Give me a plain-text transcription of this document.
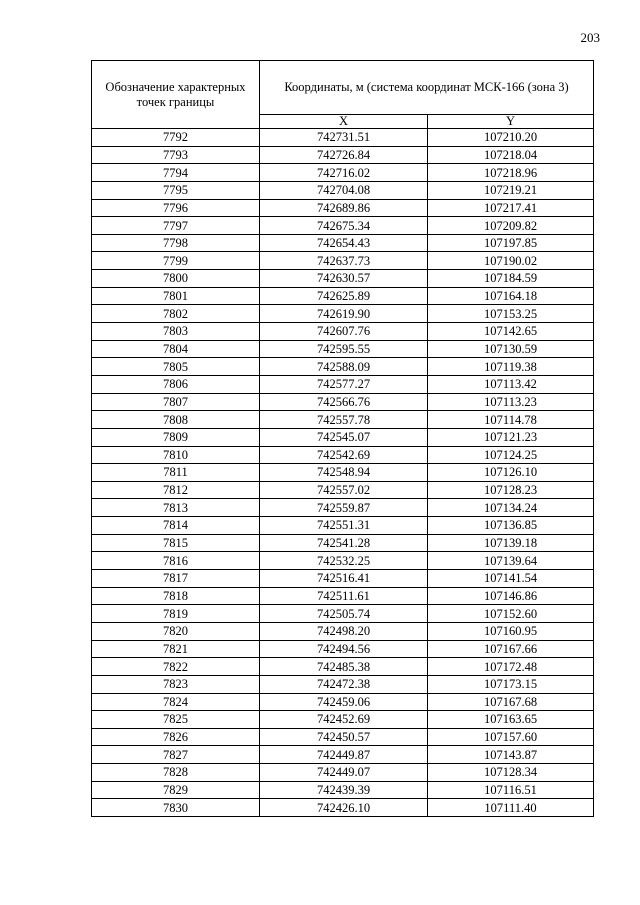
203
Обозначение характерных точек границы	Координаты, м (система координат МСК-166 (зона 3)	
	X	Y
7792	742731.51	107210.20
7793	742726.84	107218.04
7794	742716.02	107218.96
7795	742704.08	107219.21
7796	742689.86	107217.41
7797	742675.34	107209.82
7798	742654.43	107197.85
7799	742637.73	107190.02
7800	742630.57	107184.59
7801	742625.89	107164.18
7802	742619.90	107153.25
7803	742607.76	107142.65
7804	742595.55	107130.59
7805	742588.09	107119.38
7806	742577.27	107113.42
7807	742566.76	107113.23
7808	742557.78	107114.78
7809	742545.07	107121.23
7810	742542.69	107124.25
7811	742548.94	107126.10
7812	742557.02	107128.23
7813	742559.87	107134.24
7814	742551.31	107136.85
7815	742541.28	107139.18
7816	742532.25	107139.64
7817	742516.41	107141.54
7818	742511.61	107146.86
7819	742505.74	107152.60
7820	742498.20	107160.95
7821	742494.56	107167.66
7822	742485.38	107172.48
7823	742472.38	107173.15
7824	742459.06	107167.68
7825	742452.69	107163.65
7826	742450.57	107157.60
7827	742449.87	107143.87
7828	742449.07	107128.34
7829	742439.39	107116.51
7830	742426.10	107111.40
